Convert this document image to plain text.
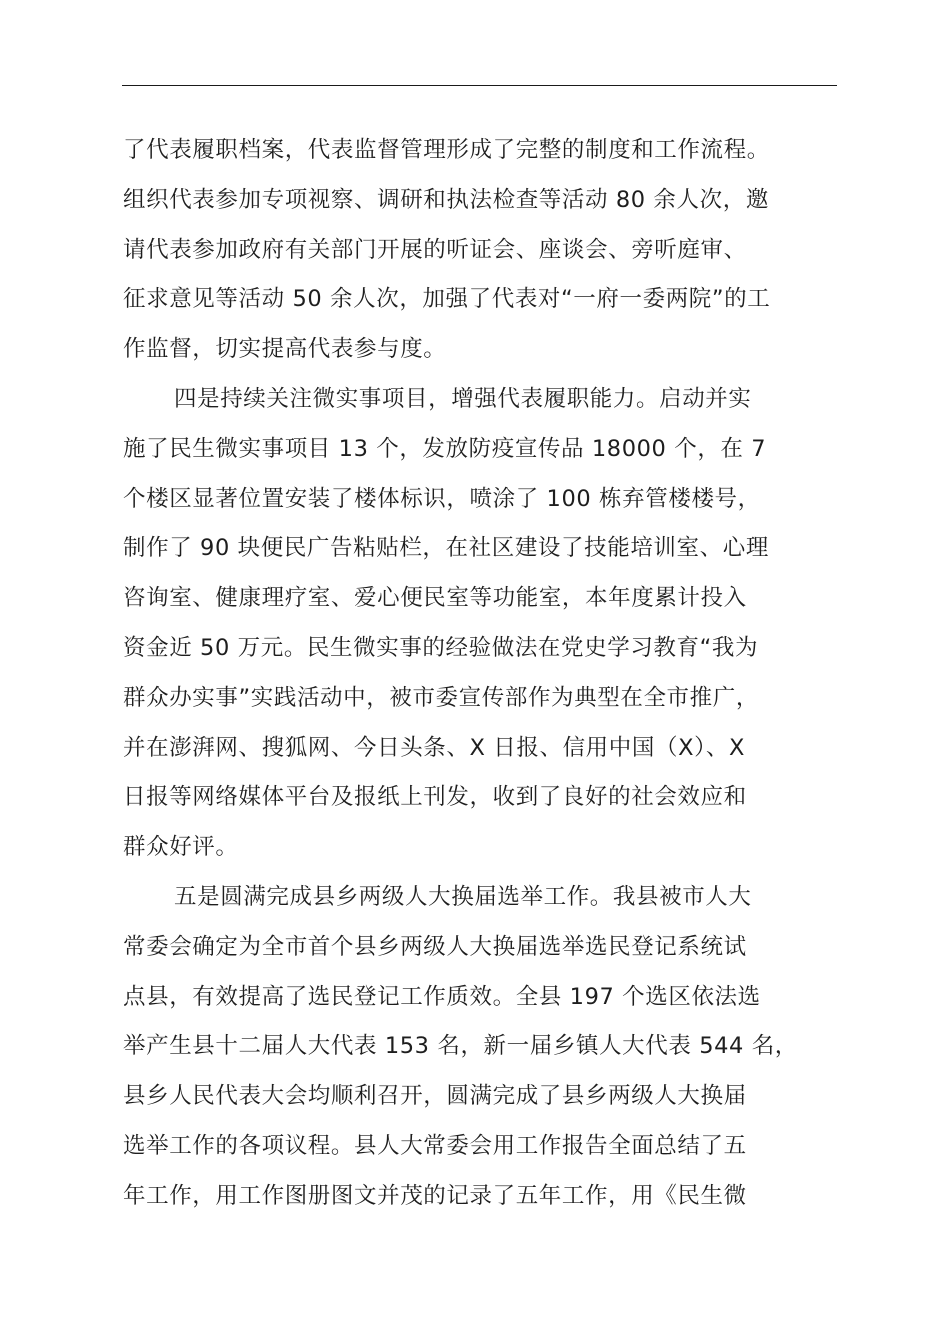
了代表履职档案，代表监督管理形成了完整的制度和工作流程。
组织代表参加专项视察、调研和执法检查等活动 80 余人次，邀
请代表参加政府有关部门开展的听证会、座谈会、旁听庭审、
征求意见等活动 50 余人次，加强了代表对“一府一委两院”的工
作监督，切实提高代表参与度。
四是持续关注微实事项目，增强代表履职能力。启动并实
施了民生微实事项目 13 个，发放防疫宣传品 18000 个，在 7
个楼区显著位置安装了楼体标识，喷涂了 100 栋弃管楼楼号，
制作了 90 块便民广告粘贴栏，在社区建设了技能培训室、心理
咨询室、健康理疗室、爱心便民室等功能室，本年度累计投入
资金近 50 万元。民生微实事的经验做法在党史学习教育“我为
群众办实事”实践活动中，被市委宣传部作为典型在全市推广，
并在澎湃网、搜狐网、今日头条、X 日报、信用中国（X）、X
日报等网络媒体平台及报纸上刊发，收到了良好的社会效应和
群众好评。
五是圆满完成县乡两级人大换届选举工作。我县被市人大
常委会确定为全市首个县乡两级人大换届选举选民登记系统试
点县，有效提高了选民登记工作质效。全县 197 个选区依法选
举产生县十二届人大代表 153 名，新一届乡镇人大代表 544 名，
县乡人民代表大会均顺利召开，圆满完成了县乡两级人大换届
选举工作的各项议程。县人大常委会用工作报告全面总结了五
年工作，用工作图册图文并茂的记录了五年工作，用《民生微
